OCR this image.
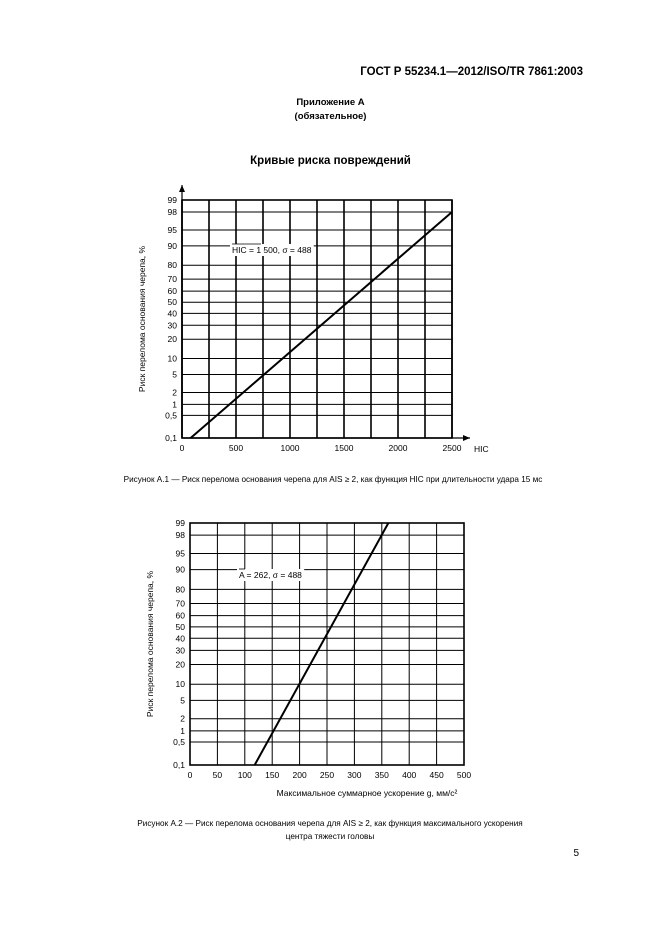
ГОСТ Р 55234.1—2012/ISO/TR 7861:2003
Приложение А
(обязательное)
Кривые риска повреждений
0,1
0,5
1
2
5
10
20
30
40
50
60
70
80
90
95
98
99
0	500	1000	1500	2000	2500 HIC
Риск перелома основания черепа, %	HIC = 1 500, σ = 488
0,1
0,5
1
2
5
10
20
30
40
50
60
70
80
90
95
98
99
0 50 100 150 200 250 300 350 400 450 500
Максимальное суммарное ускорение g, мм/с²
Риск перелома основания черепа, %	A = 262, σ = 488
Рисунок А.1 — Риск перелома основания черепа для AIS ≥ 2, как функция HIC при длительности удара 15 мс
Рисунок А.2 — Риск перелома основания черепа для AIS ≥ 2, как функция максимального ускорения
центра тяжести головы
5
